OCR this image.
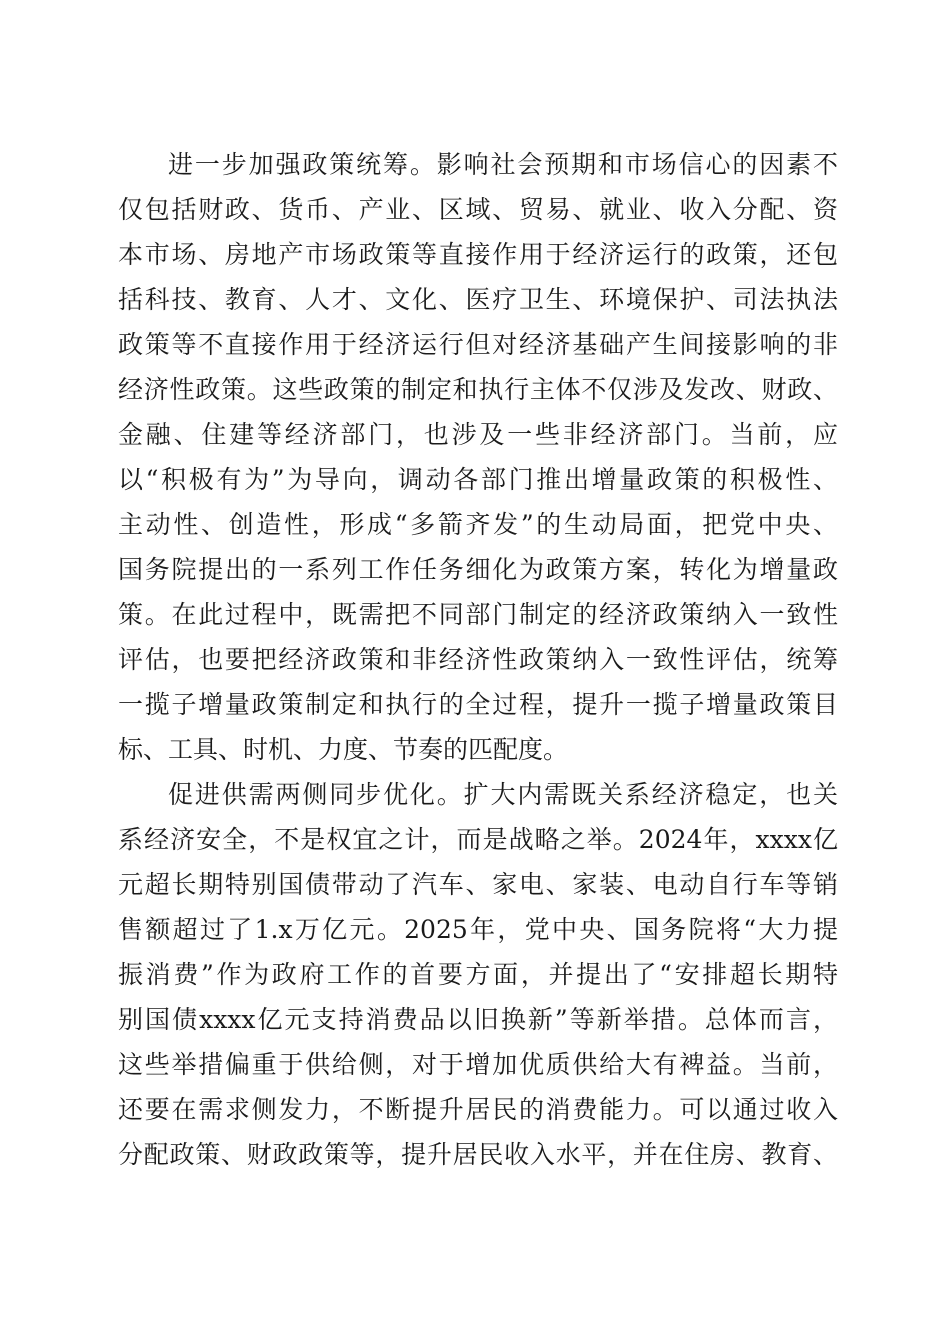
进一步加强政策统筹。影响社会预期和市场信心的因素不
仅包括财政、货币、产业、区域、贸易、就业、收入分配、资
本市场、房地产市场政策等直接作用于经济运行的政策，还包
括科技、教育、人才、文化、医疗卫生、环境保护、司法执法
政策等不直接作用于经济运行但对经济基础产生间接影响的非
经济性政策。这些政策的制定和执行主体不仅涉及发改、财政、
金融、住建等经济部门，也涉及一些非经济部门。当前，应
以“积极有为”为导向，调动各部门推出增量政策的积极性、
主动性、创造性，形成“多箭齐发”的生动局面，把党中央、
国务院提出的一系列工作任务细化为政策方案，转化为增量政
策。在此过程中，既需把不同部门制定的经济政策纳入一致性
评估，也要把经济政策和非经济性政策纳入一致性评估，统筹
一揽子增量政策制定和执行的全过程，提升一揽子增量政策目
标、工具、时机、力度、节奏的匹配度。
促进供需两侧同步优化。扩大内需既关系经济稳定，也关
系经济安全，不是权宜之计，而是战略之举。2024年，xxxx亿
元超长期特别国债带动了汽车、家电、家装、电动自行车等销
售额超过了1.x万亿元。2025年，党中央、国务院将“大力提
振消费”作为政府工作的首要方面，并提出了“安排超长期特
别国债xxxx亿元支持消费品以旧换新”等新举措。总体而言，
这些举措偏重于供给侧，对于增加优质供给大有裨益。当前，
还要在需求侧发力，不断提升居民的消费能力。可以通过收入
分配政策、财政政策等，提升居民收入水平，并在住房、教育、
